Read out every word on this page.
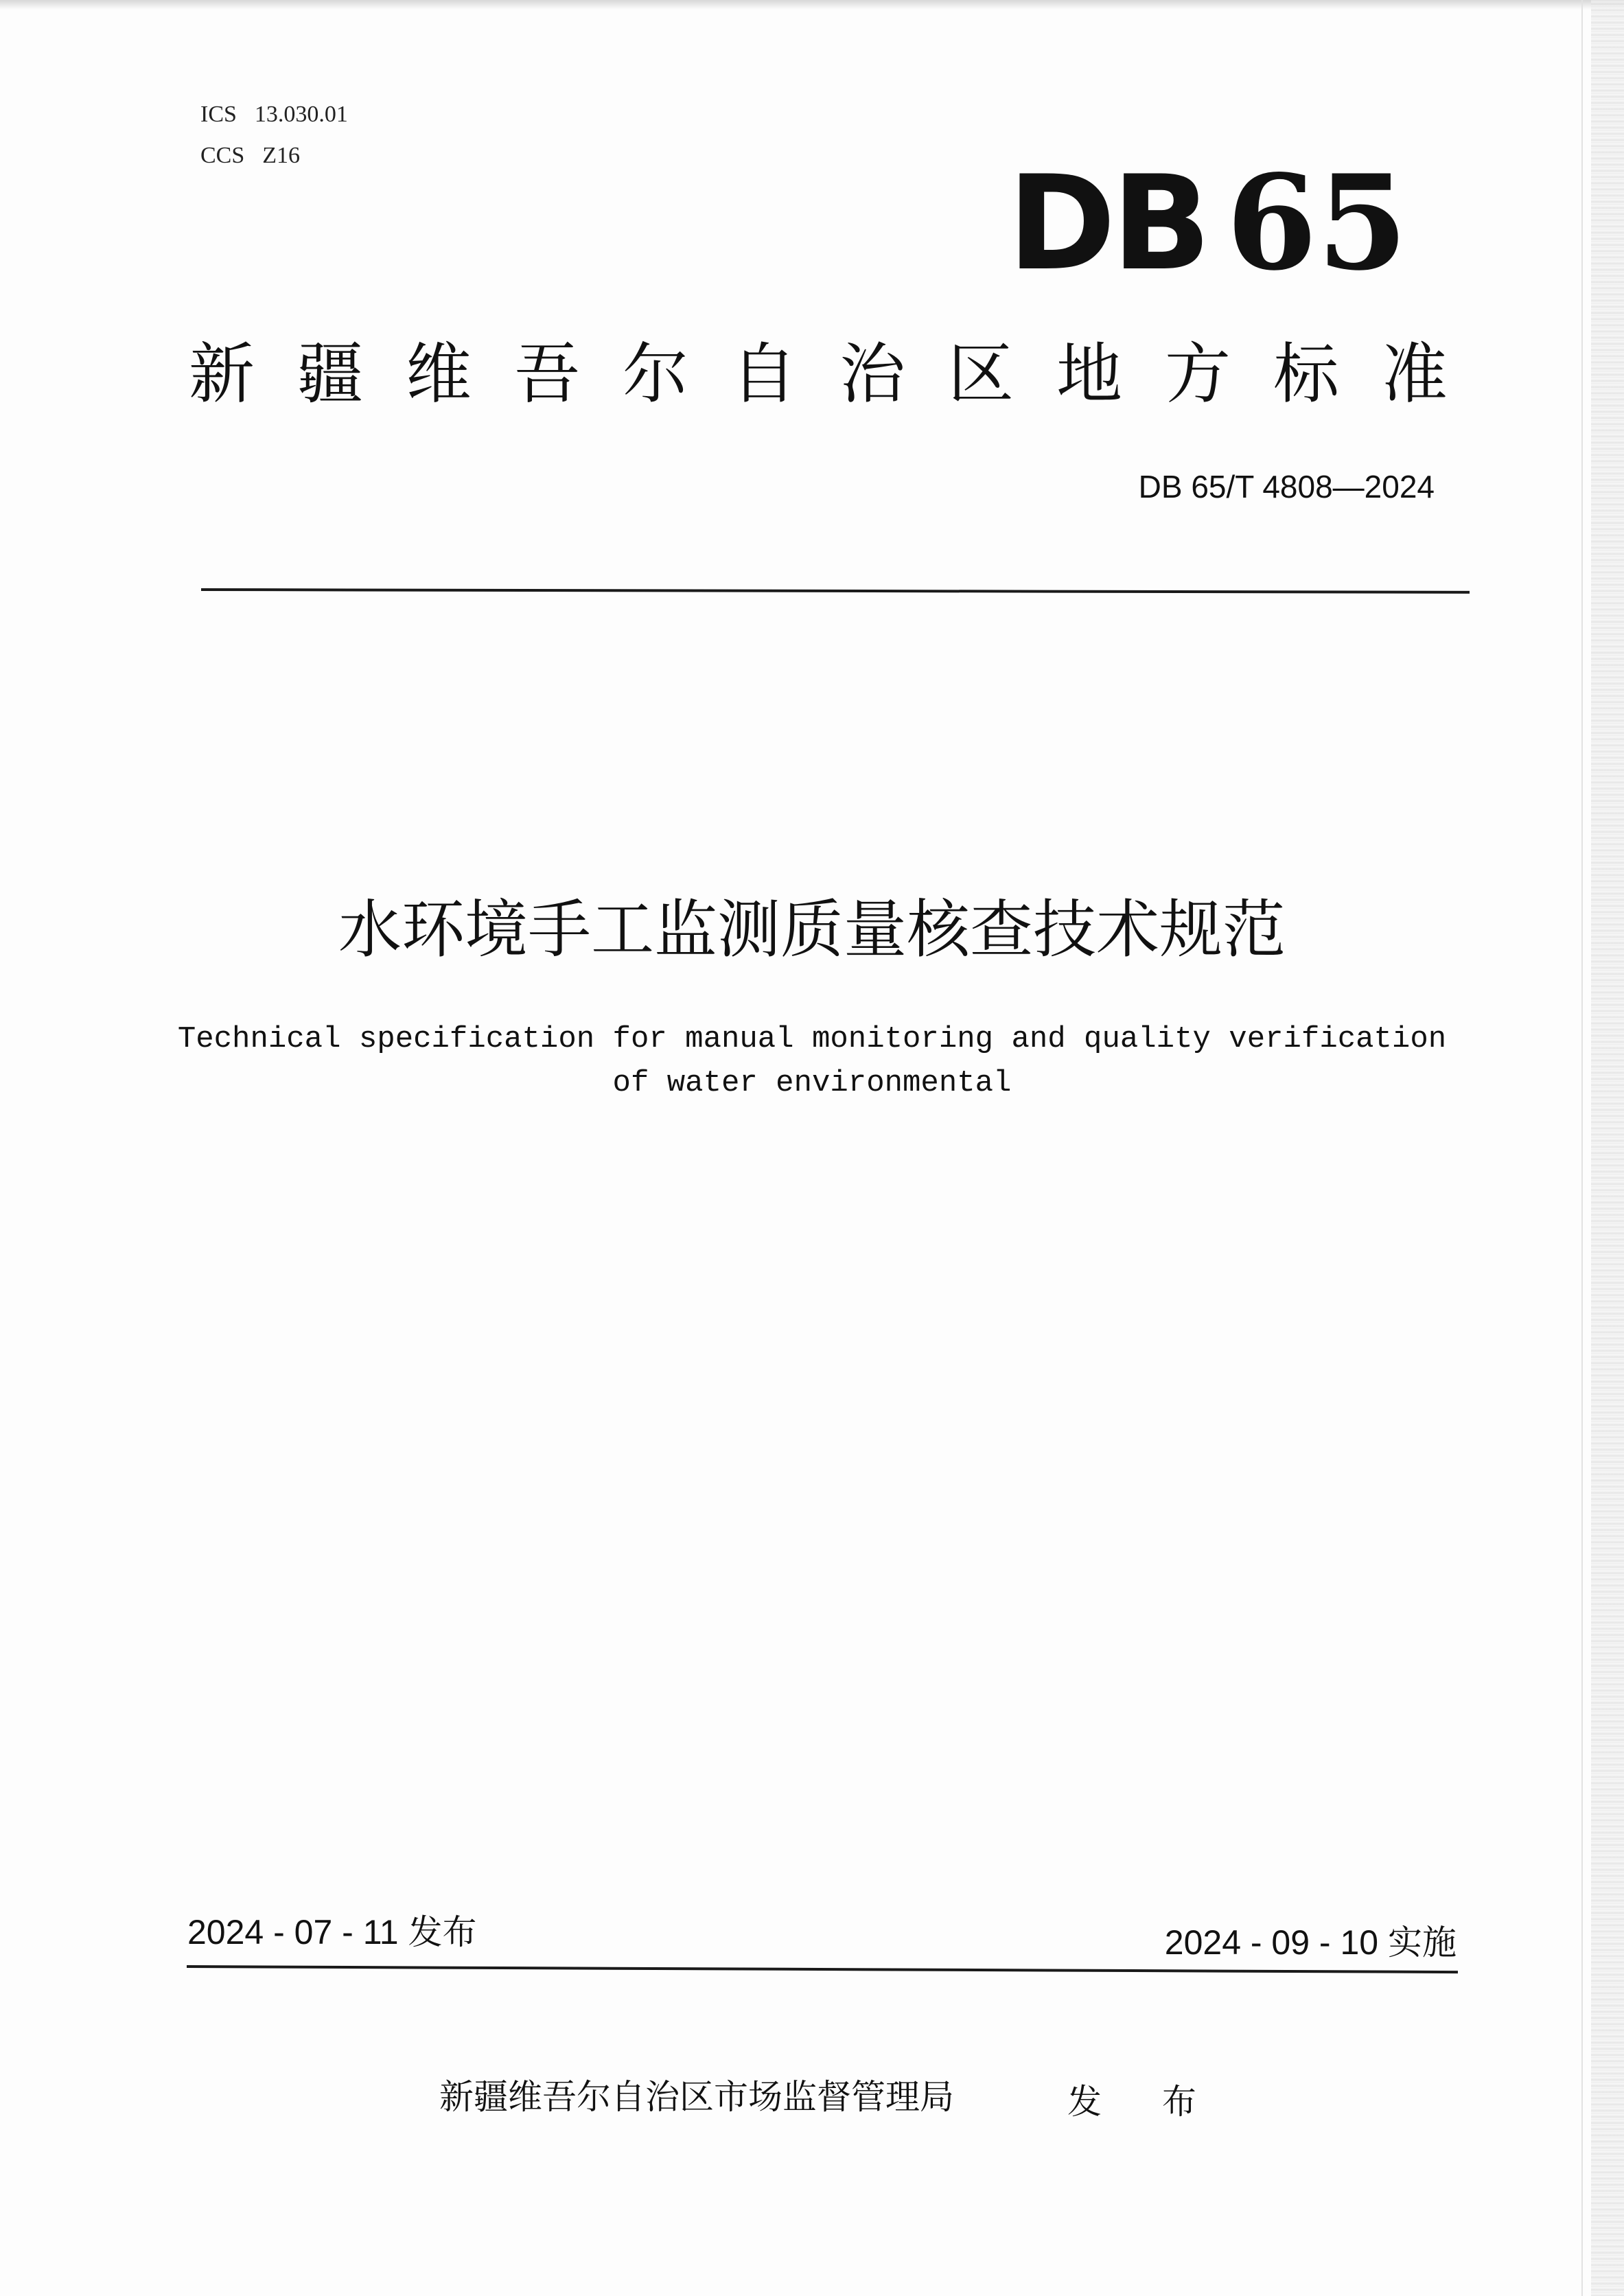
ICS 13.030.01
CCS Z16	DB 65
新疆维吾尔自治区地方标准
DB 65/T 4808—2024
水环境手工监测质量核查技术规范
Technical specification for manual monitoring and quality verification
of water environmental
2024 - 07 - 11 发布	2024 - 09 - 10 实施
新疆维吾尔自治区市场监督管理局	发 布
